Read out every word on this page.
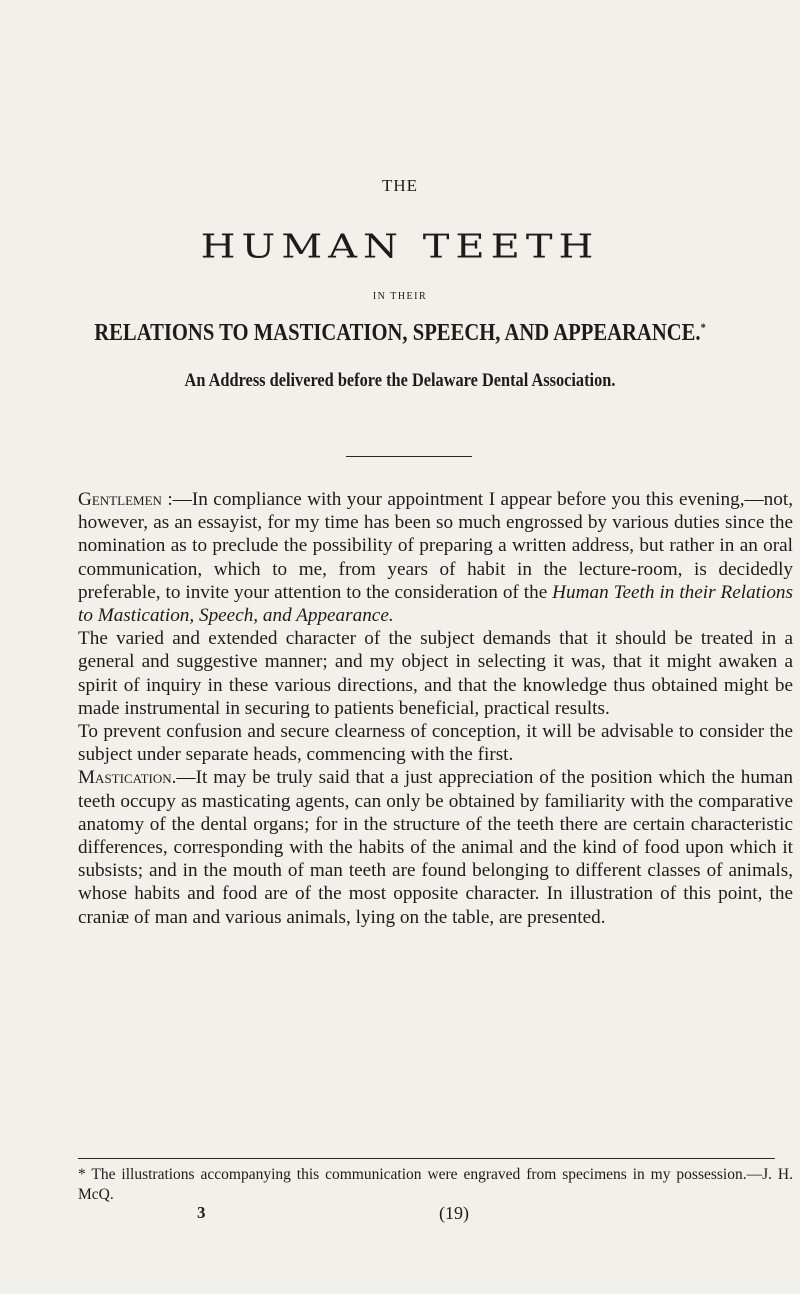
THE
HUMAN TEETH
IN THEIR
RELATIONS TO MASTICATION, SPEECH, AND APPEARANCE.*
An Address delivered before the Delaware Dental Association.

Gentlemen :—In compliance with your appointment I appear before you this evening,—not, however, as an essayist, for my time has been so much engrossed by various duties since the nomination as to preclude the possibility of preparing a written address, but rather in an oral communication, which to me, from years of habit in the lecture-room, is decidedly preferable, to invite your attention to the consideration of the Human Teeth in their Relations to Mastication, Speech, and Appearance.

The varied and extended character of the subject demands that it should be treated in a general and suggestive manner; and my object in selecting it was, that it might awaken a spirit of inquiry in these various directions, and that the knowledge thus obtained might be made instrumental in securing to patients beneficial, practical results.

To prevent confusion and secure clearness of conception, it will be advisable to consider the subject under separate heads, commencing with the first.

Mastication.—It may be truly said that a just appreciation of the position which the human teeth occupy as masticating agents, can only be obtained by familiarity with the comparative anatomy of the dental organs; for in the structure of the teeth there are certain characteristic differences, corresponding with the habits of the animal and the kind of food upon which it subsists; and in the mouth of man teeth are found belonging to different classes of animals, whose habits and food are of the most opposite character. In illustration of this point, the craniæ of man and various animals, lying on the table, are presented.

* The illustrations accompanying this communication were engraved from specimens in my possession.—J. H. McQ.
3	(19)
